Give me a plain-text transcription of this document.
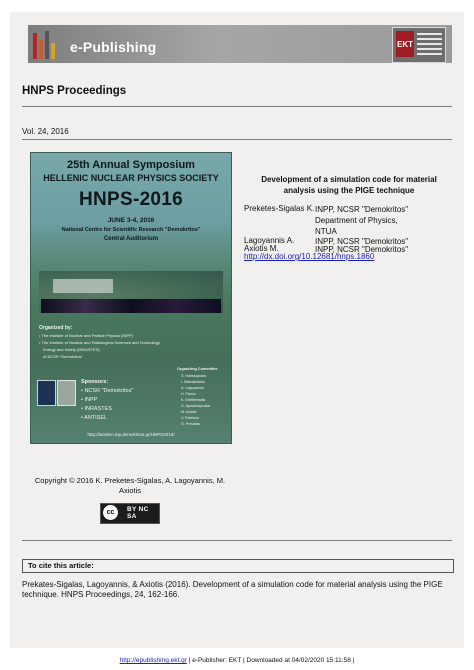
e-Publishing	EKT
HNPS Proceedings
Vol. 24, 2016
25th Annual Symposium
HELLENIC NUCLEAR PHYSICS SOCIETY
HNPS-2016
JUNE 3-4, 2016
National Centre for Scientific Research "Demokritos"
Central Auditorium
Organized by:
• The Institute of Nuclear and Particle Physics (INPP)
• The Institute of Nuclear and Radiological Sciences and Technology,
Energy and Safety (INRASTES)
of NCSR "Demokritos"
Sponsors:
• NCSR "Demokritos"
• INPP
• INRASTES
• ANTISEL
Organizing Committee
S. Harissopulos
I. Stamatelatos
A. Lagoyannis
H. Florou
K. Eleftheriadis
G. Apostolopoulos
M. Axiotis
V. Foteinou
G. Provatas
http://tandem.inp.demokritos.gr/HNPS2016/
Development of a simulation code for material
analysis using the PIGE technique
Preketes-Sigalas K. INPP, NCSR "Demokritos"
Department of Physics,
NTUA
Lagoyannis A.	INPP, NCSR "Demokritos"
Axiotis M.	INPP, NCSR "Demokritos"
http://dx.doi.org/10.12681/hnps.1860
Copyright © 2016 K. Preketes-Sigalas, A. Lagoyannis, M.
Axiotis
cc	BY NC SA
To cite this article:
Prekates-Sigalas, Lagoyannis, & Axiotis (2016). Development of a simulation code for material analysis using the PIGE technique. HNPS Proceedings, 24, 162-166.
http://epublishing.ekt.gr | e-Publisher: EKT | Downloaded at 04/02/2020 15:11:58 |
